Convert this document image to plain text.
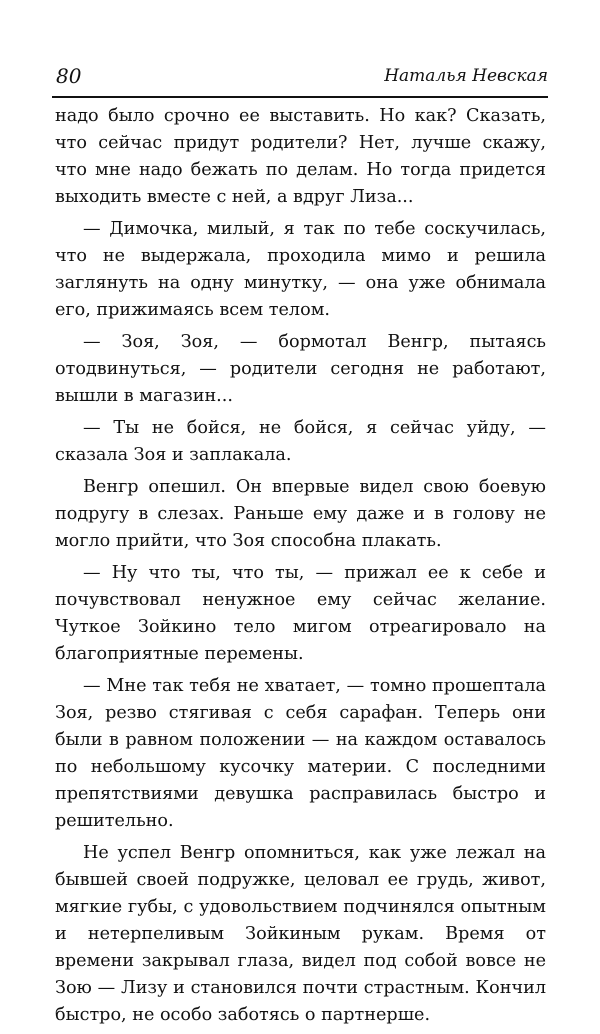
80	Наталья Невская

надо было срочно ее выставить. Но как? Сказать, что сейчас придут родители? Нет, лучше скажу, что мне надо бежать по делам. Но тогда придется выходить вместе с ней, а вдруг Лиза...

— Димочка, милый, я так по тебе соскучилась, что не выдержала, проходила мимо и решила заглянуть на одну минутку, — она уже обнимала его, прижимаясь всем телом.

— Зоя, Зоя, — бормотал Венгр, пытаясь отодвинуться, — родители сегодня не работают, вышли в магазин...

— Ты не бойся, не бойся, я сейчас уйду, — сказала Зоя и заплакала.

Венгр опешил. Он впервые видел свою боевую подругу в слезах. Раньше ему даже и в голову не могло прийти, что Зоя способна плакать.

— Ну что ты, что ты, — прижал ее к себе и почувствовал ненужное ему сейчас желание. Чуткое Зойкино тело мигом отреагировало на благоприятные перемены.

— Мне так тебя не хватает, — томно прошептала Зоя, резво стягивая с себя сарафан. Теперь они были в равном положении — на каждом оставалось по небольшому кусочку материи. С последними препятствиями девушка расправилась быстро и решительно.

Не успел Венгр опомниться, как уже лежал на бывшей своей подружке, целовал ее грудь, живот, мягкие губы, с удовольствием подчинялся опытным и нетерпеливым Зойкиным рукам. Время от времени закрывал глаза, видел под собой вовсе не Зою — Лизу и становился почти страстным. Кончил быстро, не особо заботясь о партнерше.
